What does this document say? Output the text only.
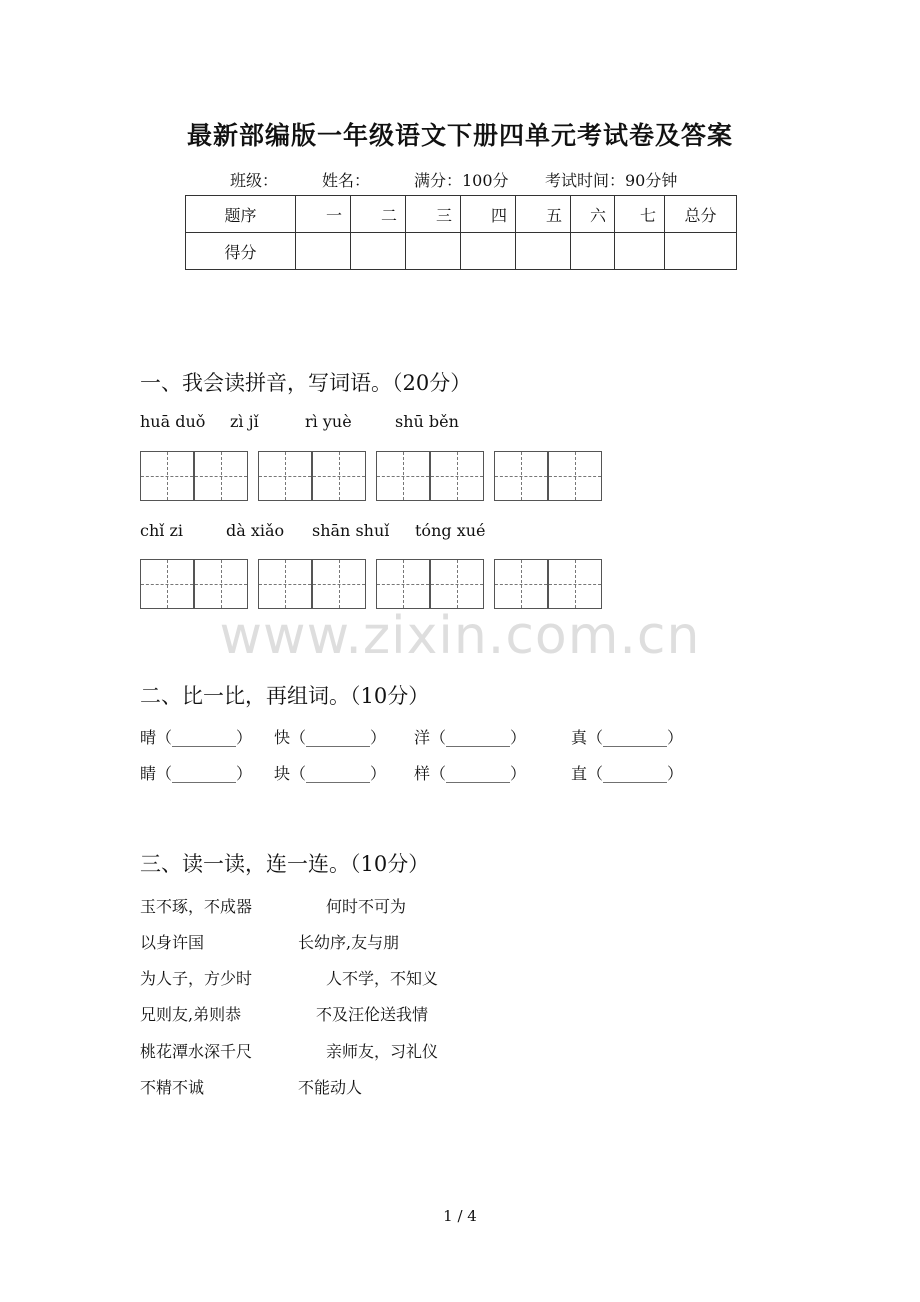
最新部编版一年级语文下册四单元考试卷及答案
班级：	姓名：	满分：100分 考试时间：90分钟
题序	一	二	三	四	五	六	七	总分
得分								
一、我会读拼音，写词语。（20分）
huā duǒ zì jǐ	rì yuè	shū běn
chǐ zi	dà xiǎo shān shuǐ tóng xué
www.zixin.com.cn
二、比一比，再组词。（10分）
晴（________） 快（________） 洋（________）	真（________）
睛（________） 块（________） 样（________）	直（________）
三、读一读，连一连。（10分）
玉不琢，不成器	何时不可为
以身许国	长幼序,友与朋
为人子，方少时	人不学，不知义
兄则友,弟则恭	不及汪伦送我情
桃花潭水深千尺	亲师友，习礼仪
不精不诚	不能动人
1 / 4
